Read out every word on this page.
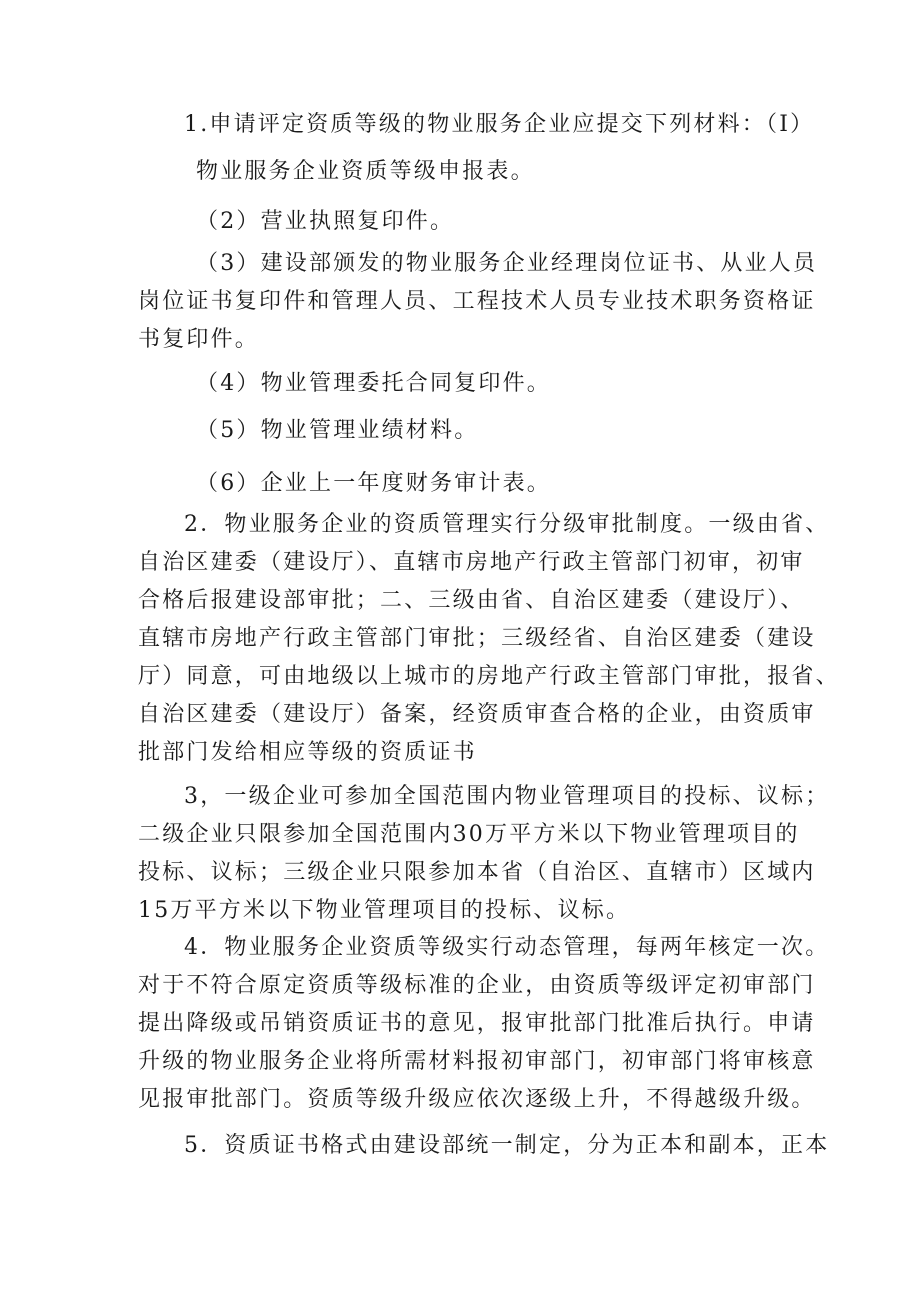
1.申请评定资质等级的物业服务企业应提交下列材料：（I）
物业服务企业资质等级申报表。
（2）营业执照复印件。
（3）建设部颁发的物业服务企业经理岗位证书、从业人员
岗位证书复印件和管理人员、工程技术人员专业技术职务资格证
书复印件。
（4）物业管理委托合同复印件。
（5）物业管理业绩材料。
（6）企业上一年度财务审计表。
2．物业服务企业的资质管理实行分级审批制度。一级由省、
自治区建委（建设厅）、直辖市房地产行政主管部门初审，初审
合格后报建设部审批；二、三级由省、自治区建委（建设厅）、
直辖市房地产行政主管部门审批；三级经省、自治区建委（建设
厅）同意，可由地级以上城市的房地产行政主管部门审批，报省、
自治区建委（建设厅）备案，经资质审查合格的企业，由资质审
批部门发给相应等级的资质证书
3，一级企业可参加全国范围内物业管理项目的投标、议标；
二级企业只限参加全国范围内30万平方米以下物业管理项目的
投标、议标；三级企业只限参加本省（自治区、直辖市）区域内
15万平方米以下物业管理项目的投标、议标。
4．物业服务企业资质等级实行动态管理，每两年核定一次。
对于不符合原定资质等级标准的企业，由资质等级评定初审部门
提出降级或吊销资质证书的意见，报审批部门批准后执行。申请
升级的物业服务企业将所需材料报初审部门，初审部门将审核意
见报审批部门。资质等级升级应依次逐级上升，不得越级升级。
5．资质证书格式由建设部统一制定，分为正本和副本，正本
